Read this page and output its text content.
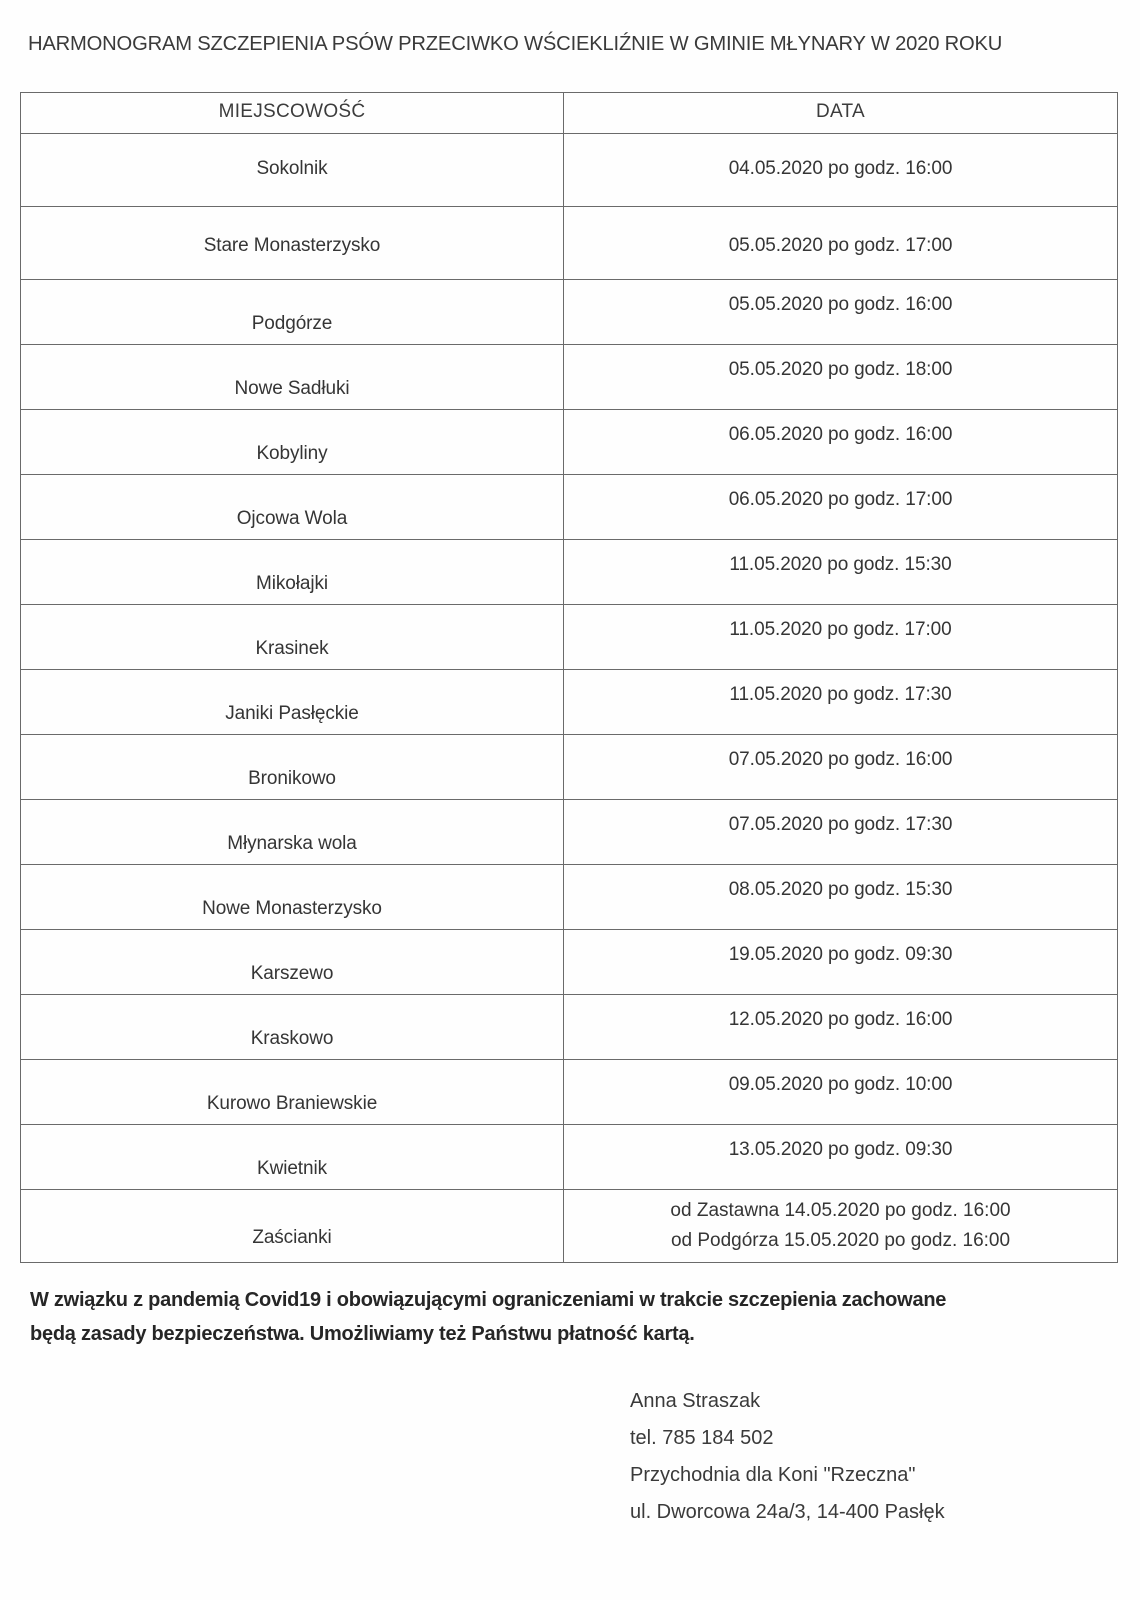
HARMONOGRAM SZCZEPIENIA PSÓW PRZECIWKO WŚCIEKLIŹNIE W GMINIE MŁYNARY W 2020 ROKU
MIEJSCOWOŚĆ	DATA

Sokolnik	04.05.2020 po godz. 16:00

Stare Monasterzysko	05.05.2020 po godz. 17:00

Podgórze	05.05.2020 po godz. 16:00

Nowe Sadłuki	05.05.2020 po godz. 18:00

Kobyliny	06.05.2020 po godz. 16:00

Ojcowa Wola	06.05.2020 po godz. 17:00

Mikołajki	11.05.2020 po godz. 15:30

Krasinek	11.05.2020 po godz. 17:00

Janiki Pasłęckie	11.05.2020 po godz. 17:30

Bronikowo	07.05.2020 po godz. 16:00

Młynarska wola	07.05.2020 po godz. 17:30

Nowe Monasterzysko	08.05.2020 po godz. 15:30

Karszewo	19.05.2020 po godz. 09:30

Kraskowo	12.05.2020 po godz. 16:00

Kurowo Braniewskie	09.05.2020 po godz. 10:00

Kwietnik	13.05.2020 po godz. 09:30

Zaścianki	od Zastawna 14.05.2020 po godz. 16:00
od Podgórza 15.05.2020 po godz. 16:00
W związku z pandemią Covid19 i obowiązującymi ograniczeniami w trakcie szczepienia zachowane
będą zasady bezpieczeństwa. Umożliwiamy też Państwu płatność kartą.
Anna Straszak
tel. 785 184 502
Przychodnia dla Koni "Rzeczna"
ul. Dworcowa 24a/3, 14-400 Pasłęk
